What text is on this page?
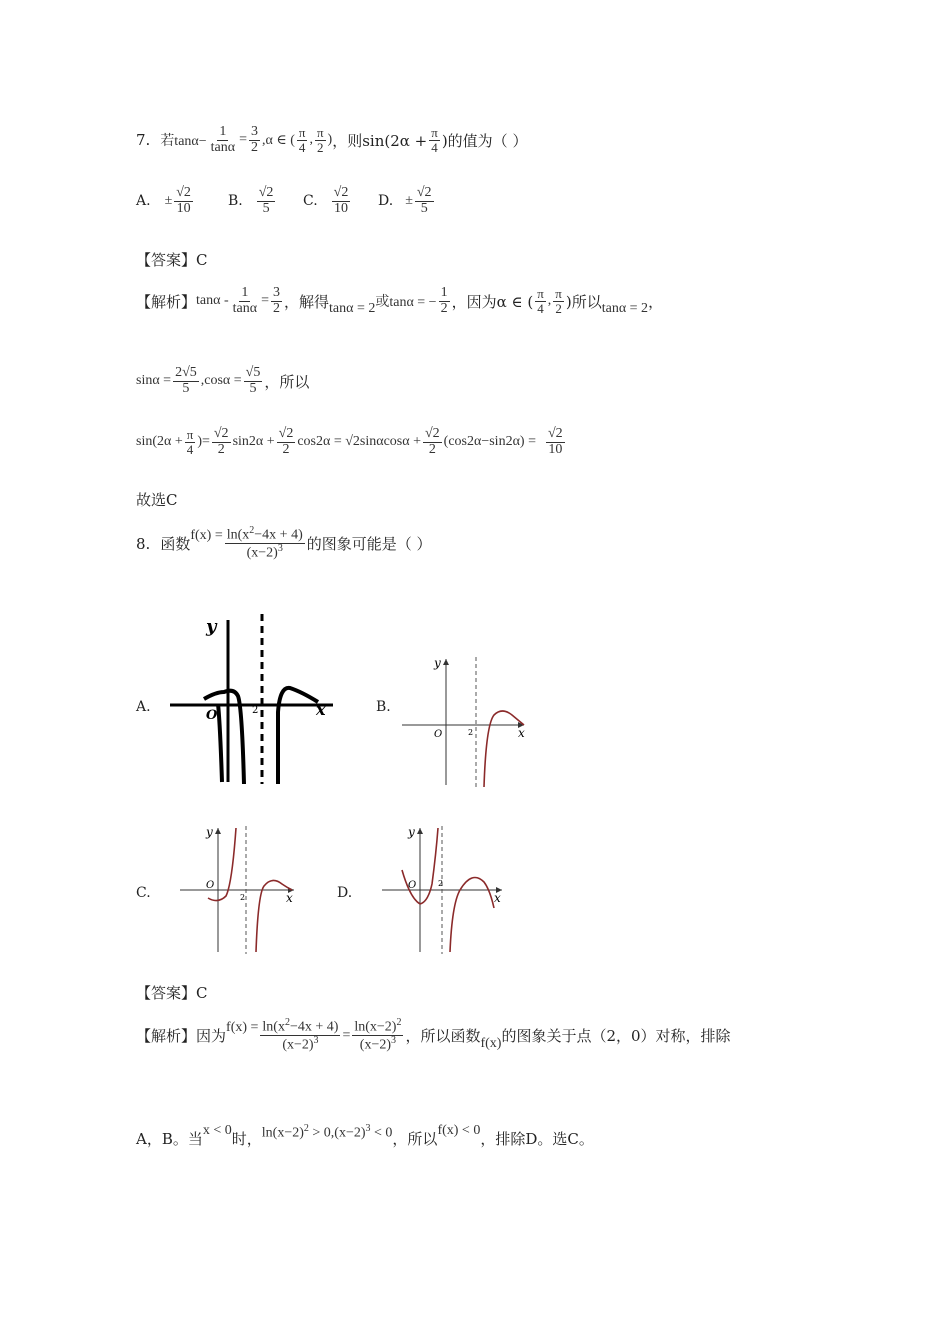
7. 若$\tan\alpha- \frac{1}{\tan\alpha} = \frac{3}{2} ,\alpha$ ∈ ( $\frac{\pi}{4}$ , $\frac{\pi}{2}$ ) ，则$\sin(2\alpha + \frac{\pi}{4}$ )的值为（ ）
A. ± $\frac{√2}{10}$	B. $\frac{√2}{5} C$. $\frac{√2}{10} D$. ± $\frac{√2}{5}$
【答案】C
【解析】 $\tan\alpha - \frac{1}{\tan\alpha} = \frac{3}{2}$ ，解得 tanα = 2 或tanα = − $\frac{1}{2}$ ，因为α ∈ ( $\frac{\pi}{4}$ , $\frac{\pi}{2}$ )所以 tanα = 2 ，
$\sin\alpha = \frac{2√5}{5} ,\cos\alpha = \frac{√5}{5}$ ，所以
$\sin(2\alpha + \frac{\pi}{4}$ )= $\frac{√2}{2} \sin 2\alpha + \frac{√2}{2} \cos 2\alpha = √2\sin\alpha\cos\alpha + \frac{√2}{2} (\cos$ 2 α−sin 2 $\alpha) = \frac{√2}{10}$
故选C
8. 函数 $f(x) = \frac{\ln(x^2-4x + 4)}{(x-2)^3}$ 的图象可能是（ ）
A.
y
x
O	2	B.
y
x
O	2
C.
y
x
O
2	D.
y
x
O	2
【答案】C
【解析】 因为 $f(x) = \frac{\ln(x^2-4x + 4)}{(x-2)^3} = \frac{\ln(x-2)^2}{(x-2)^3}$ ，所以函数 f(x) 的图象关于点（2，0）对称，排除
A，B。当 x < 0 时， $\ln(x-2)^2 > 0,(x-2)^3 < 0$ ，所以 f(x) < 0 ，排除D。选C。
